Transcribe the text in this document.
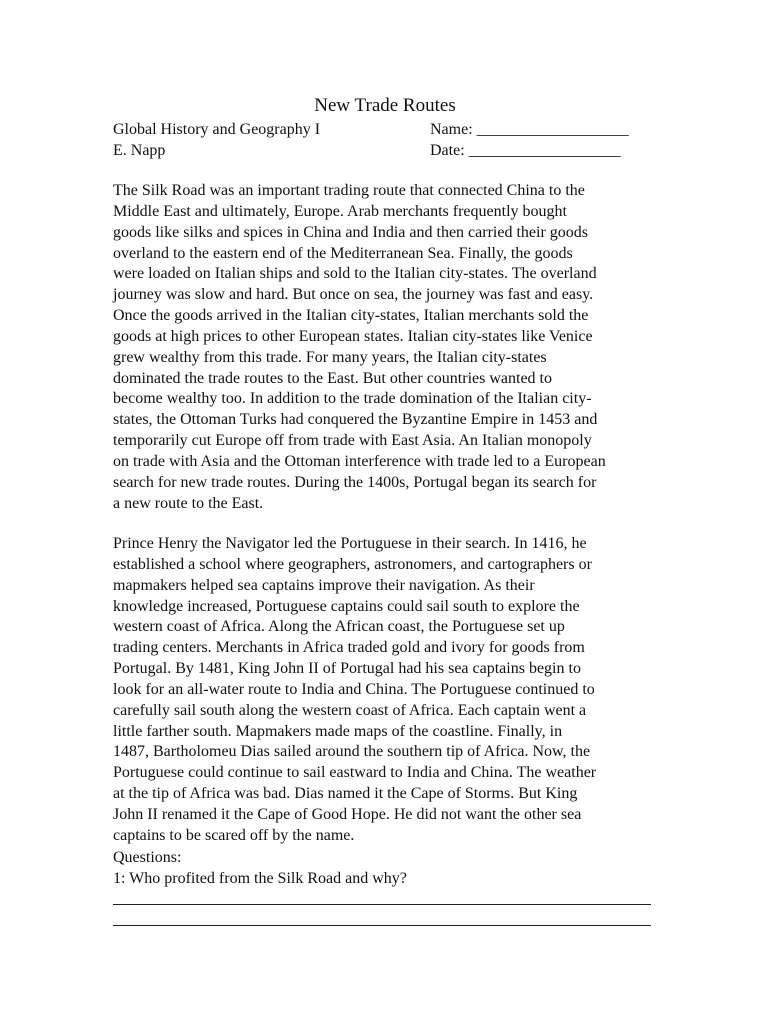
New Trade Routes
Global History and Geography I	Name: ___________________
E. Napp	Date: ___________________
The Silk Road was an important trading route that connected China to the
Middle East and ultimately, Europe. Arab merchants frequently bought
goods like silks and spices in China and India and then carried their goods
overland to the eastern end of the Mediterranean Sea. Finally, the goods
were loaded on Italian ships and sold to the Italian city-states. The overland
journey was slow and hard. But once on sea, the journey was fast and easy.
Once the goods arrived in the Italian city-states, Italian merchants sold the
goods at high prices to other European states. Italian city-states like Venice
grew wealthy from this trade. For many years, the Italian city-states
dominated the trade routes to the East. But other countries wanted to
become wealthy too. In addition to the trade domination of the Italian city-
states, the Ottoman Turks had conquered the Byzantine Empire in 1453 and
temporarily cut Europe off from trade with East Asia. An Italian monopoly
on trade with Asia and the Ottoman interference with trade led to a European
search for new trade routes. During the 1400s, Portugal began its search for
a new route to the East.
Prince Henry the Navigator led the Portuguese in their search. In 1416, he
established a school where geographers, astronomers, and cartographers or
mapmakers helped sea captains improve their navigation. As their
knowledge increased, Portuguese captains could sail south to explore the
western coast of Africa. Along the African coast, the Portuguese set up
trading centers. Merchants in Africa traded gold and ivory for goods from
Portugal. By 1481, King John II of Portugal had his sea captains begin to
look for an all-water route to India and China. The Portuguese continued to
carefully sail south along the western coast of Africa. Each captain went a
little farther south. Mapmakers made maps of the coastline. Finally, in
1487, Bartholomeu Dias sailed around the southern tip of Africa. Now, the
Portuguese could continue to sail eastward to India and China. The weather
at the tip of Africa was bad. Dias named it the Cape of Storms. But King
John II renamed it the Cape of Good Hope. He did not want the other sea
captains to be scared off by the name.
Questions:
1: Who profited from the Silk Road and why?
